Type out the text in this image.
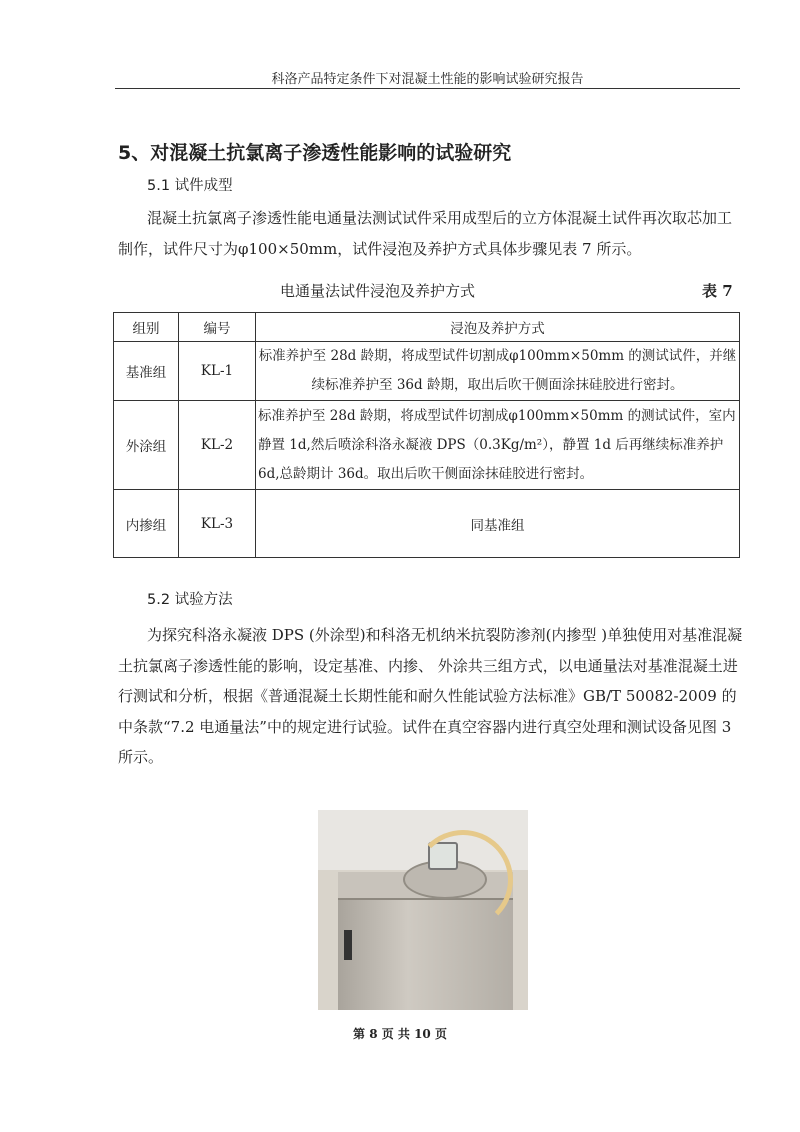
科洛产品特定条件下对混凝土性能的影响试验研究报告
5、对混凝土抗氯离子渗透性能影响的试验研究
5.1 试件成型
混凝土抗氯离子渗透性能电通量法测试试件采用成型后的立方体混凝土试件再次取芯加工制作，试件尺寸为φ100×50mm，试件浸泡及养护方式具体步骤见表 7 所示。
电通量法试件浸泡及养护方式	表 7
组别	编号	浸泡及养护方式
基准组	KL-1	标准养护至 28d 龄期，将成型试件切割成φ100mm×50mm 的测试试件，并继续标准养护至 36d 龄期，取出后吹干侧面涂抹硅胶进行密封。
外涂组	KL-2	标准养护至 28d 龄期，将成型试件切割成φ100mm×50mm 的测试试件，室内静置 1d,然后喷涂科洛永凝液 DPS（0.3Kg/m²），静置 1d 后再继续标准养护 6d,总龄期计 36d。取出后吹干侧面涂抹硅胶进行密封。
内掺组	KL-3	同基准组
5.2 试验方法
为探究科洛永凝液 DPS (外涂型)和科洛无机纳米抗裂防渗剂(内掺型 )单独使用对基准混凝土抗氯离子渗透性能的影响，设定基准、内掺、 外涂共三组方式，以电通量法对基准混凝土进行测试和分析，根据《普通混凝土长期性能和耐久性能试验方法标准》GB/T 50082-2009 的中条款“7.2 电通量法”中的规定进行试验。试件在真空容器内进行真空处理和测试设备见图 3 所示。
第 8 页 共 10 页
